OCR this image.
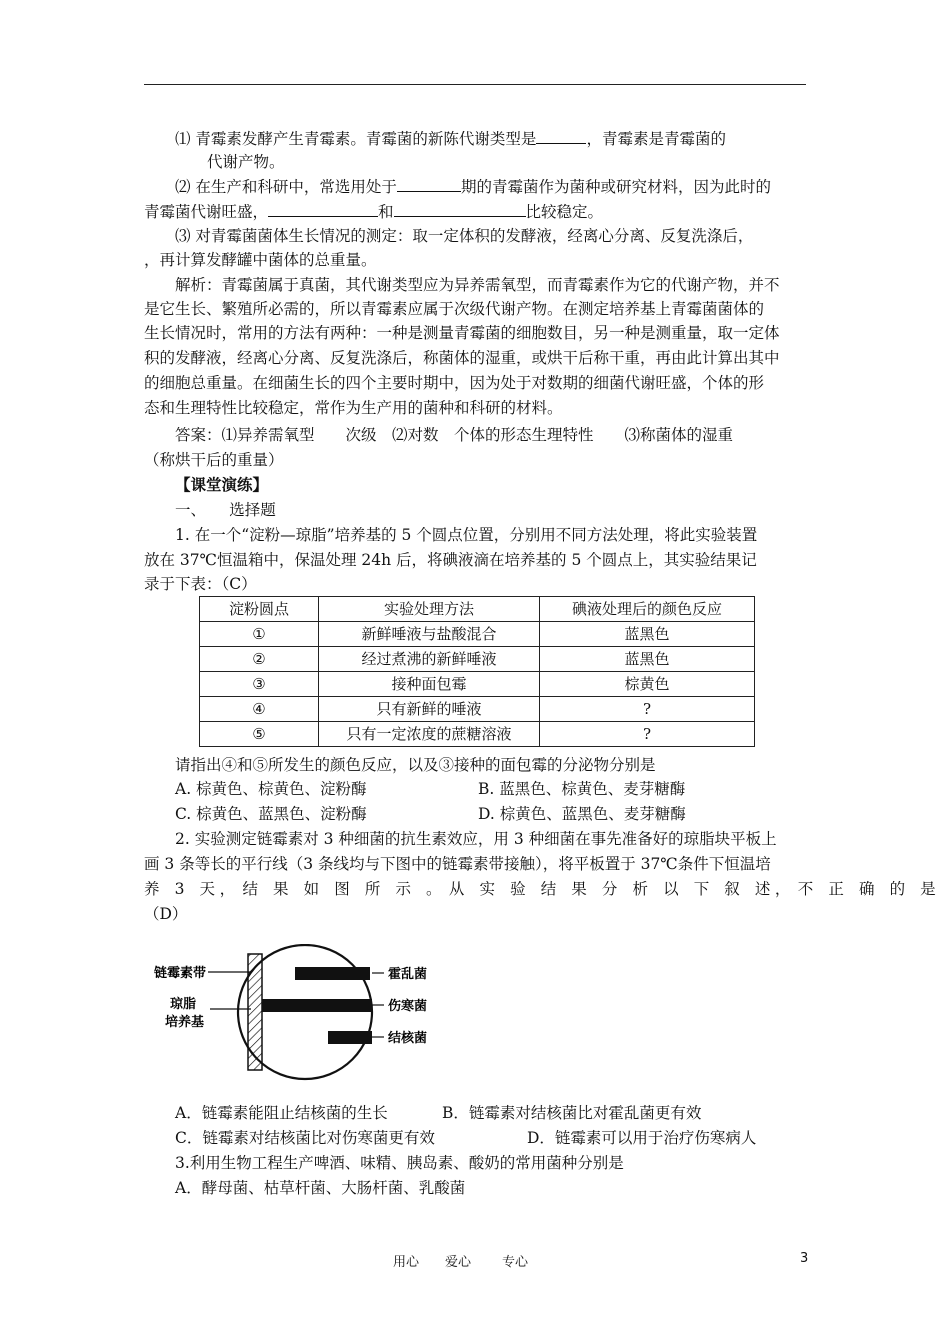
⑴ 青霉素发酵产生青霉素。青霉菌的新陈代谢类型是	，青霉素是青霉菌的
代谢产物。
⑵ 在生产和科研中，常选用处于	期的青霉菌作为菌种或研究材料，因为此时的
青霉菌代谢旺盛，	和	比较稳定。
⑶ 对青霉菌菌体生长情况的测定：取一定体积的发酵液，经离心分离、反复洗涤后，
，再计算发酵罐中菌体的总重量。
解析：青霉菌属于真菌，其代谢类型应为异养需氧型，而青霉素作为它的代谢产物，并不
是它生长、繁殖所必需的，所以青霉素应属于次级代谢产物。在测定培养基上青霉菌菌体的
生长情况时，常用的方法有两种：一种是测量青霉菌的细胞数目，另一种是测重量，取一定体
积的发酵液，经离心分离、反复洗涤后，称菌体的湿重，或烘干后称干重，再由此计算出其中
的细胞总重量。在细菌生长的四个主要时期中，因为处于对数期的细菌代谢旺盛，个体的形
态和生理特性比较稳定，常作为生产用的菌种和科研的材料。
答案：⑴异养需氧型　　次级　⑵对数　个体的形态生理特性　　⑶称菌体的湿重
（称烘干后的重量）
【课堂演练】
一、　　选择题
1. 在一个“淀粉—琼脂”培养基的 5 个圆点位置，分别用不同方法处理，将此实验装置
放在 37℃恒温箱中，保温处理 24h 后，将碘液滴在培养基的 5 个圆点上，其实验结果记
录于下表：（C）
淀粉圆点	实验处理方法	碘液处理后的颜色反应
①	新鲜唾液与盐酸混合	蓝黑色
②	经过煮沸的新鲜唾液	蓝黑色
③	接种面包霉	棕黄色
④	只有新鲜的唾液	?
⑤	只有一定浓度的蔗糖溶液	?
请指出④和⑤所发生的颜色反应，以及③接种的面包霉的分泌物分别是
A. 棕黄色、棕黄色、淀粉酶	B. 蓝黑色、棕黄色、麦芽糖酶
C. 棕黄色、蓝黑色、淀粉酶	D. 棕黄色、蓝黑色、麦芽糖酶
2. 实验测定链霉素对 3 种细菌的抗生素效应，用 3 种细菌在事先准备好的琼脂块平板上
画 3 条等长的平行线（3 条线均与下图中的链霉素带接触），将平板置于 37℃条件下恒温培
养　3　天 ，　结　果　如　图　所　示　。　从　实　验　结　果　分　析　以　下　叙　述 ，　不　正　确　的　是
（D）
链霉素带
琼脂
培养基
霍乱菌
伤寒菌
结核菌
A．链霉素能阻止结核菌的生长	B．链霉素对结核菌比对霍乱菌更有效
C．链霉素对结核菌比对伤寒菌更有效	D．链霉素可以用于治疗伤寒病人
3.利用生物工程生产啤酒、味精、胰岛素、酸奶的常用菌种分别是
A．酵母菌、枯草杆菌、大肠杆菌、乳酸菌
用心 爱心 专心	3
